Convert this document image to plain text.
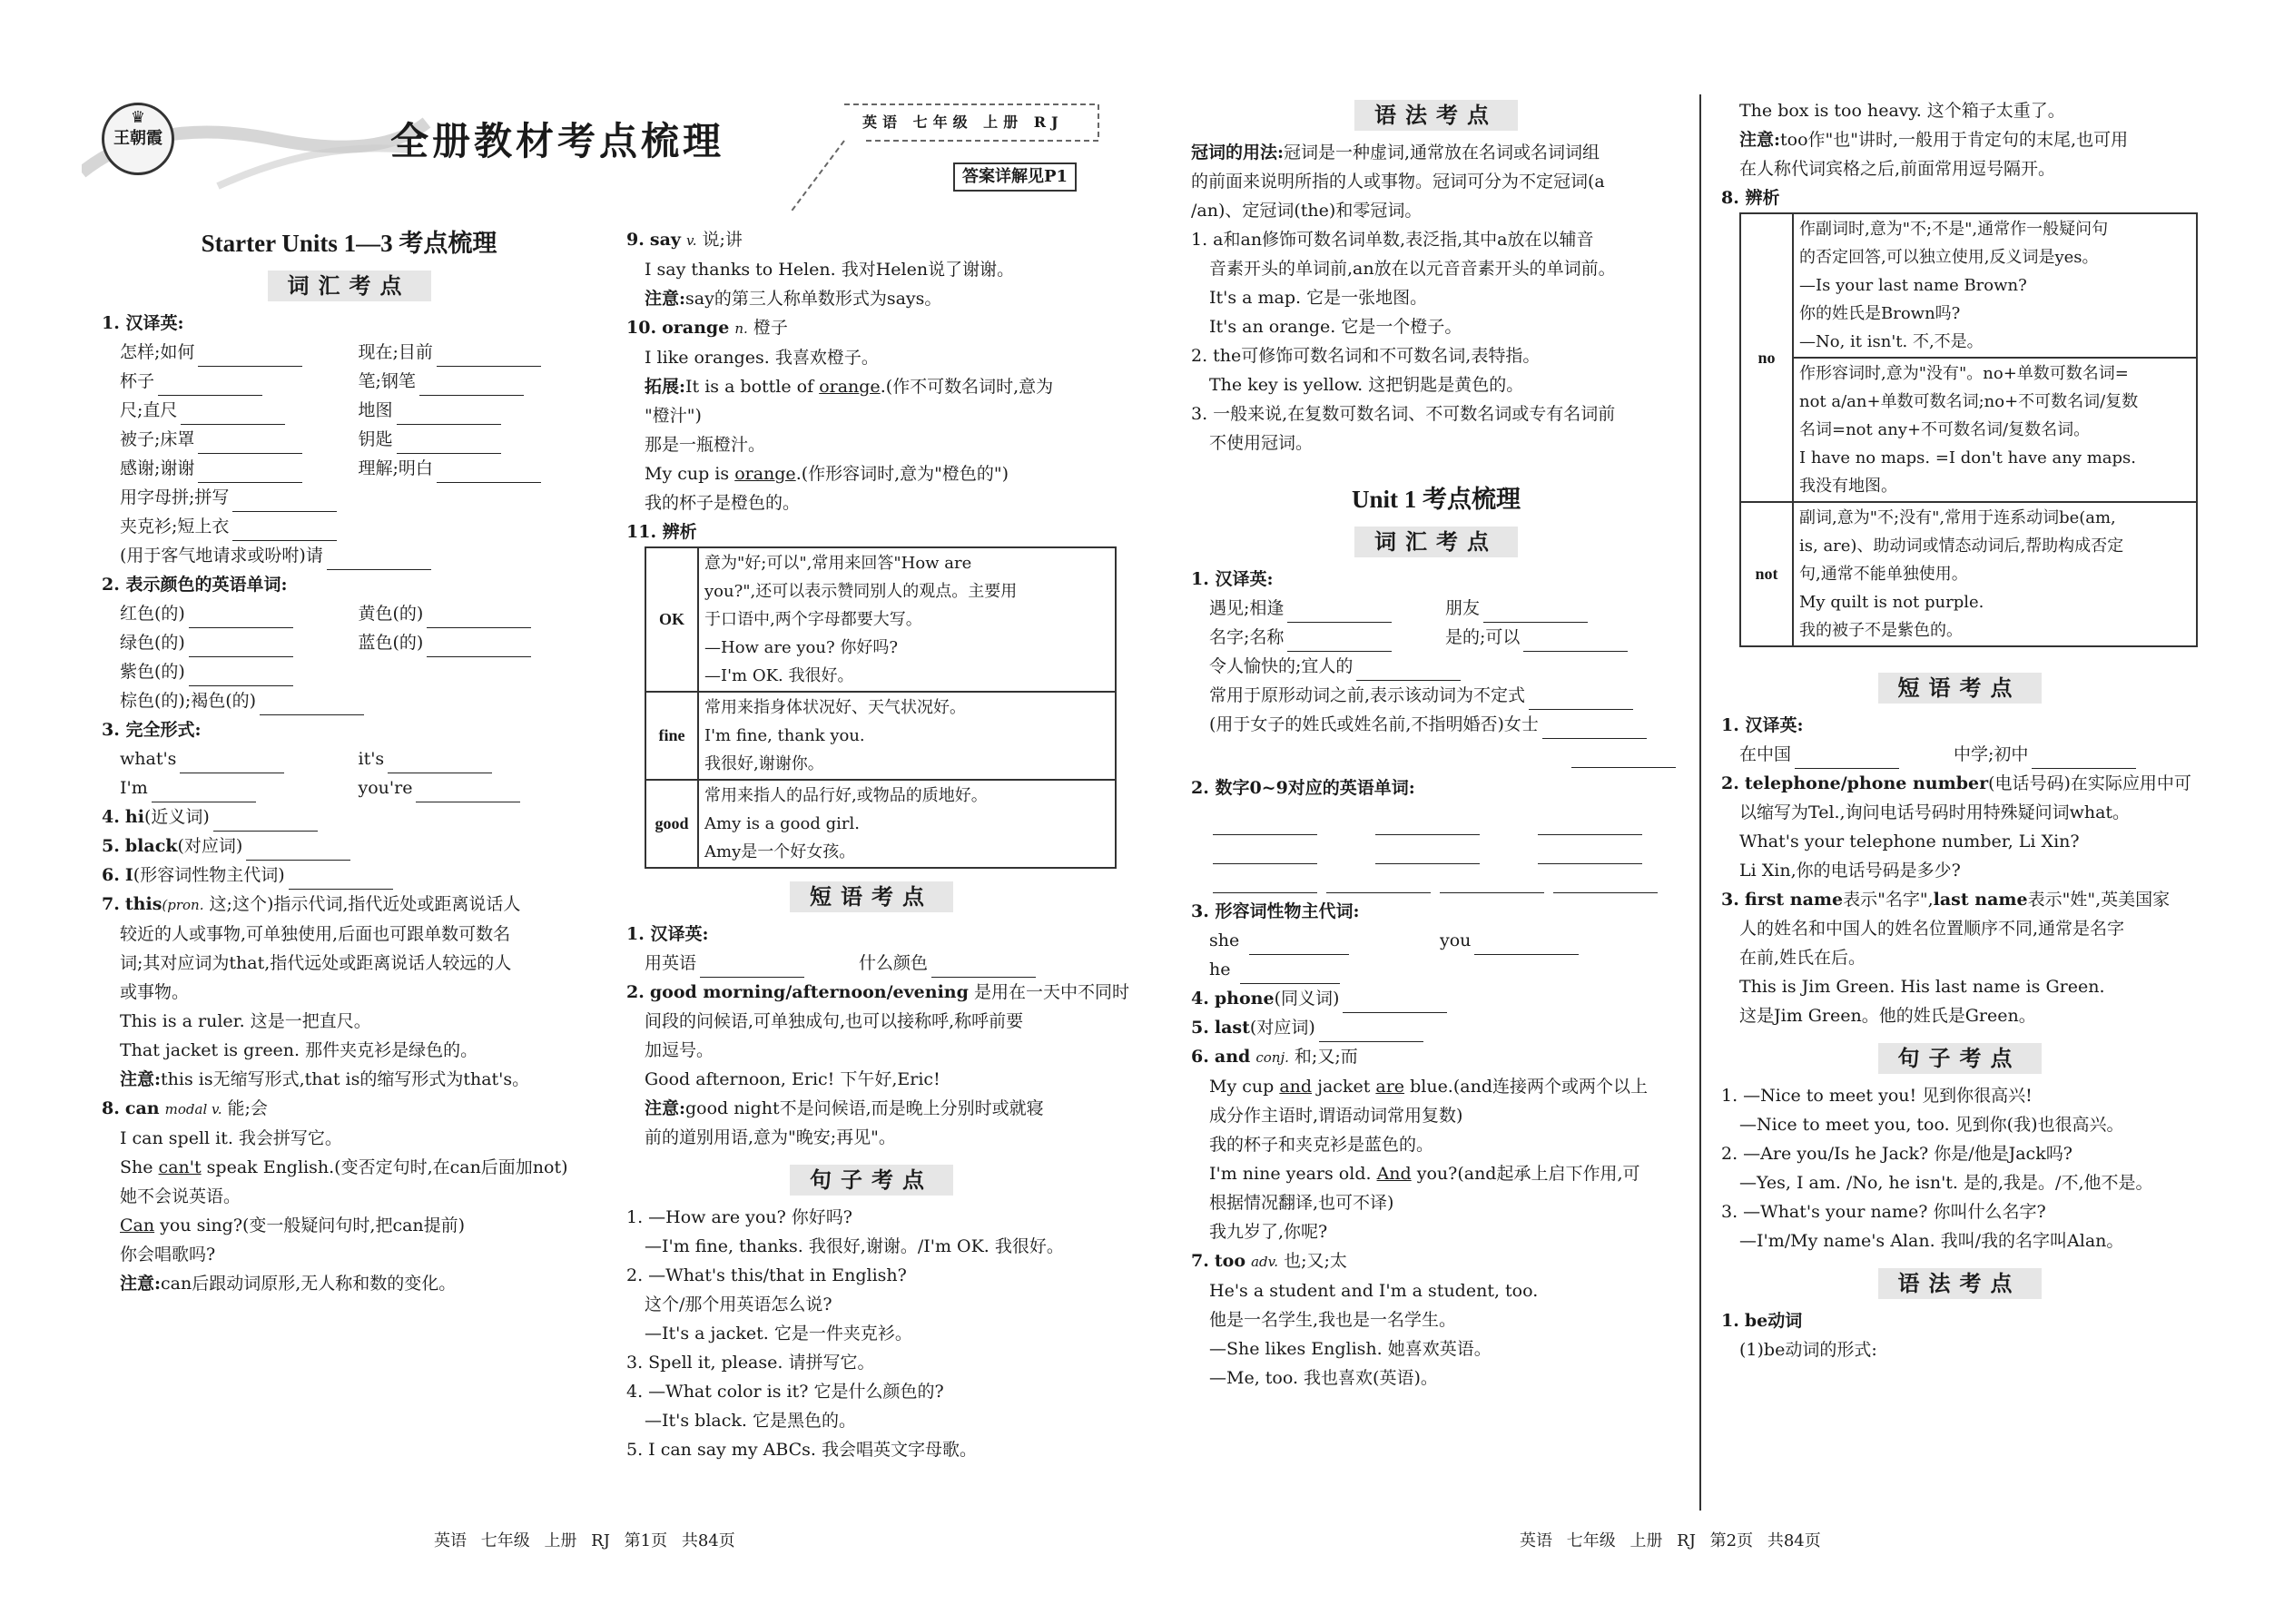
♛
王朝霞	全册教材考点梳理	英语 七年级 上册 RJ
答案详解见P1
Starter Units 1—3 考点梳理
词汇考点
1. 汉译英:
怎样;如何	现在;目前
杯子	笔;钢笔
尺;直尺	地图
被子;床罩	钥匙
感谢;谢谢	理解;明白
用字母拼;拼写
夹克衫;短上衣
(用于客气地请求或吩咐)请
2. 表示颜色的英语单词:
红色(的)	黄色(的)
绿色(的)	蓝色(的)
紫色(的)
棕色(的);褐色(的)
3. 完全形式:
what's	it's
I'm	you're
4. hi(近义词)
5. black(对应词)
6. I(形容词性物主代词)
7. this(pron. 这;这个)指示代词,指代近处或距离说话人
较近的人或事物,可单独使用,后面也可跟单数可数名
词;其对应词为that,指代远处或距离说话人较远的人
或事物。
This is a ruler. 这是一把直尺。
That jacket is green. 那件夹克衫是绿色的。
注意:this is无缩写形式,that is的缩写形式为that's。
8. can modal v. 能;会
I can spell it. 我会拼写它。
She can't speak English.(变否定句时,在can后面加not)
她不会说英语。
Can you sing?(变一般疑问句时,把can提前)
你会唱歌吗?
注意:can后跟动词原形,无人称和数的变化。
9. say v. 说;讲
I say thanks to Helen. 我对Helen说了谢谢。
注意:say的第三人称单数形式为says。
10. orange n. 橙子
I like oranges. 我喜欢橙子。
拓展:It is a bottle of orange.(作不可数名词时,意为
"橙汁")
那是一瓶橙汁。
My cup is orange.(作形容词时,意为"橙色的")
我的杯子是橙色的。
11. 辨析
OK	意为"好;可以",常用来回答"How are
you?",还可以表示赞同别人的观点。主要用
于口语中,两个字母都要大写。
—How are you? 你好吗?
—I'm OK. 我很好。

fine	常用来指身体状况好、天气状况好。
I'm fine, thank you.
我很好,谢谢你。

good	常用来指人的品行好,或物品的质地好。
Amy is a good girl.
Amy是一个好女孩。
短语考点
1. 汉译英:
用英语	什么颜色
2. good morning/afternoon/evening 是用在一天中不同时
间段的问候语,可单独成句,也可以接称呼,称呼前要
加逗号。
Good afternoon, Eric! 下午好,Eric!
注意:good night不是问候语,而是晚上分别时或就寝
前的道别用语,意为"晚安;再见"。
句子考点
1. —How are you? 你好吗?
—I'm fine, thanks. 我很好,谢谢。/I'm OK. 我很好。
2. —What's this/that in English?
这个/那个用英语怎么说?
—It's a jacket. 它是一件夹克衫。
3. Spell it, please. 请拼写它。
4. —What color is it? 它是什么颜色的?
—It's black. 它是黑色的。
5. I can say my ABCs. 我会唱英文字母歌。
语法考点
冠词的用法:冠词是一种虚词,通常放在名词或名词词组
的前面来说明所指的人或事物。冠词可分为不定冠词(a
/an)、定冠词(the)和零冠词。
1. a和an修饰可数名词单数,表泛指,其中a放在以辅音
音素开头的单词前,an放在以元音音素开头的单词前。
It's a map. 它是一张地图。
It's an orange. 它是一个橙子。
2. the可修饰可数名词和不可数名词,表特指。
The key is yellow. 这把钥匙是黄色的。
3. 一般来说,在复数可数名词、不可数名词或专有名词前
不使用冠词。
Unit 1 考点梳理
词汇考点
1. 汉译英:
遇见;相逢	朋友
名字;名称	是的;可以
令人愉快的;宜人的
常用于原形动词之前,表示该动词为不定式
(用于女子的姓氏或姓名前,不指明婚否)女士
2. 数字0~9对应的英语单词:
3. 形容词性物主代词:
she	you
he
4. phone(同义词)
5. last(对应词)
6. and conj. 和;又;而
My cup and jacket are blue.(and连接两个或两个以上
成分作主语时,谓语动词常用复数)
我的杯子和夹克衫是蓝色的。
I'm nine years old. And you?(and起承上启下作用,可
根据情况翻译,也可不译)
我九岁了,你呢?
7. too adv. 也;又;太
He's a student and I'm a student, too.
他是一名学生,我也是一名学生。
—She likes English. 她喜欢英语。
—Me, too. 我也喜欢(英语)。
The box is too heavy. 这个箱子太重了。
注意:too作"也"讲时,一般用于肯定句的末尾,也可用
在人称代词宾格之后,前面常用逗号隔开。
8. 辨析
no	作副词时,意为"不;不是",通常作一般疑问句
的否定回答,可以独立使用,反义词是yes。
—Is your last name Brown?
你的姓氏是Brown吗?
—No, it isn't. 不,不是。

	作形容词时,意为"没有"。no+单数可数名词=
not a/an+单数可数名词;no+不可数名词/复数
名词=not any+不可数名词/复数名词。
I have no maps. =I don't have any maps.
我没有地图。

not	副词,意为"不;没有",常用于连系动词be(am,
is, are)、助动词或情态动词后,帮助构成否定
句,通常不能单独使用。
My quilt is not purple.
我的被子不是紫色的。
短语考点
1. 汉译英:
在中国	中学;初中
2. telephone/phone number(电话号码)在实际应用中可
以缩写为Tel.,询问电话号码时用特殊疑问词what。
What's your telephone number, Li Xin?
Li Xin,你的电话号码是多少?
3. first name表示"名字",last name表示"姓",英美国家
人的姓名和中国人的姓名位置顺序不同,通常是名字
在前,姓氏在后。
This is Jim Green. His last name is Green.
这是Jim Green。他的姓氏是Green。
句子考点
1. —Nice to meet you! 见到你很高兴!
—Nice to meet you, too. 见到你(我)也很高兴。
2. —Are you/Is he Jack? 你是/他是Jack吗?
—Yes, I am. /No, he isn't. 是的,我是。/不,他不是。
3. —What's your name? 你叫什么名字?
—I'm/My name's Alan. 我叫/我的名字叫Alan。
语法考点
1. be动词
(1)be动词的形式:
英语 七年级 上册 RJ 第1页 共84页	英语 七年级 上册 RJ 第2页 共84页
